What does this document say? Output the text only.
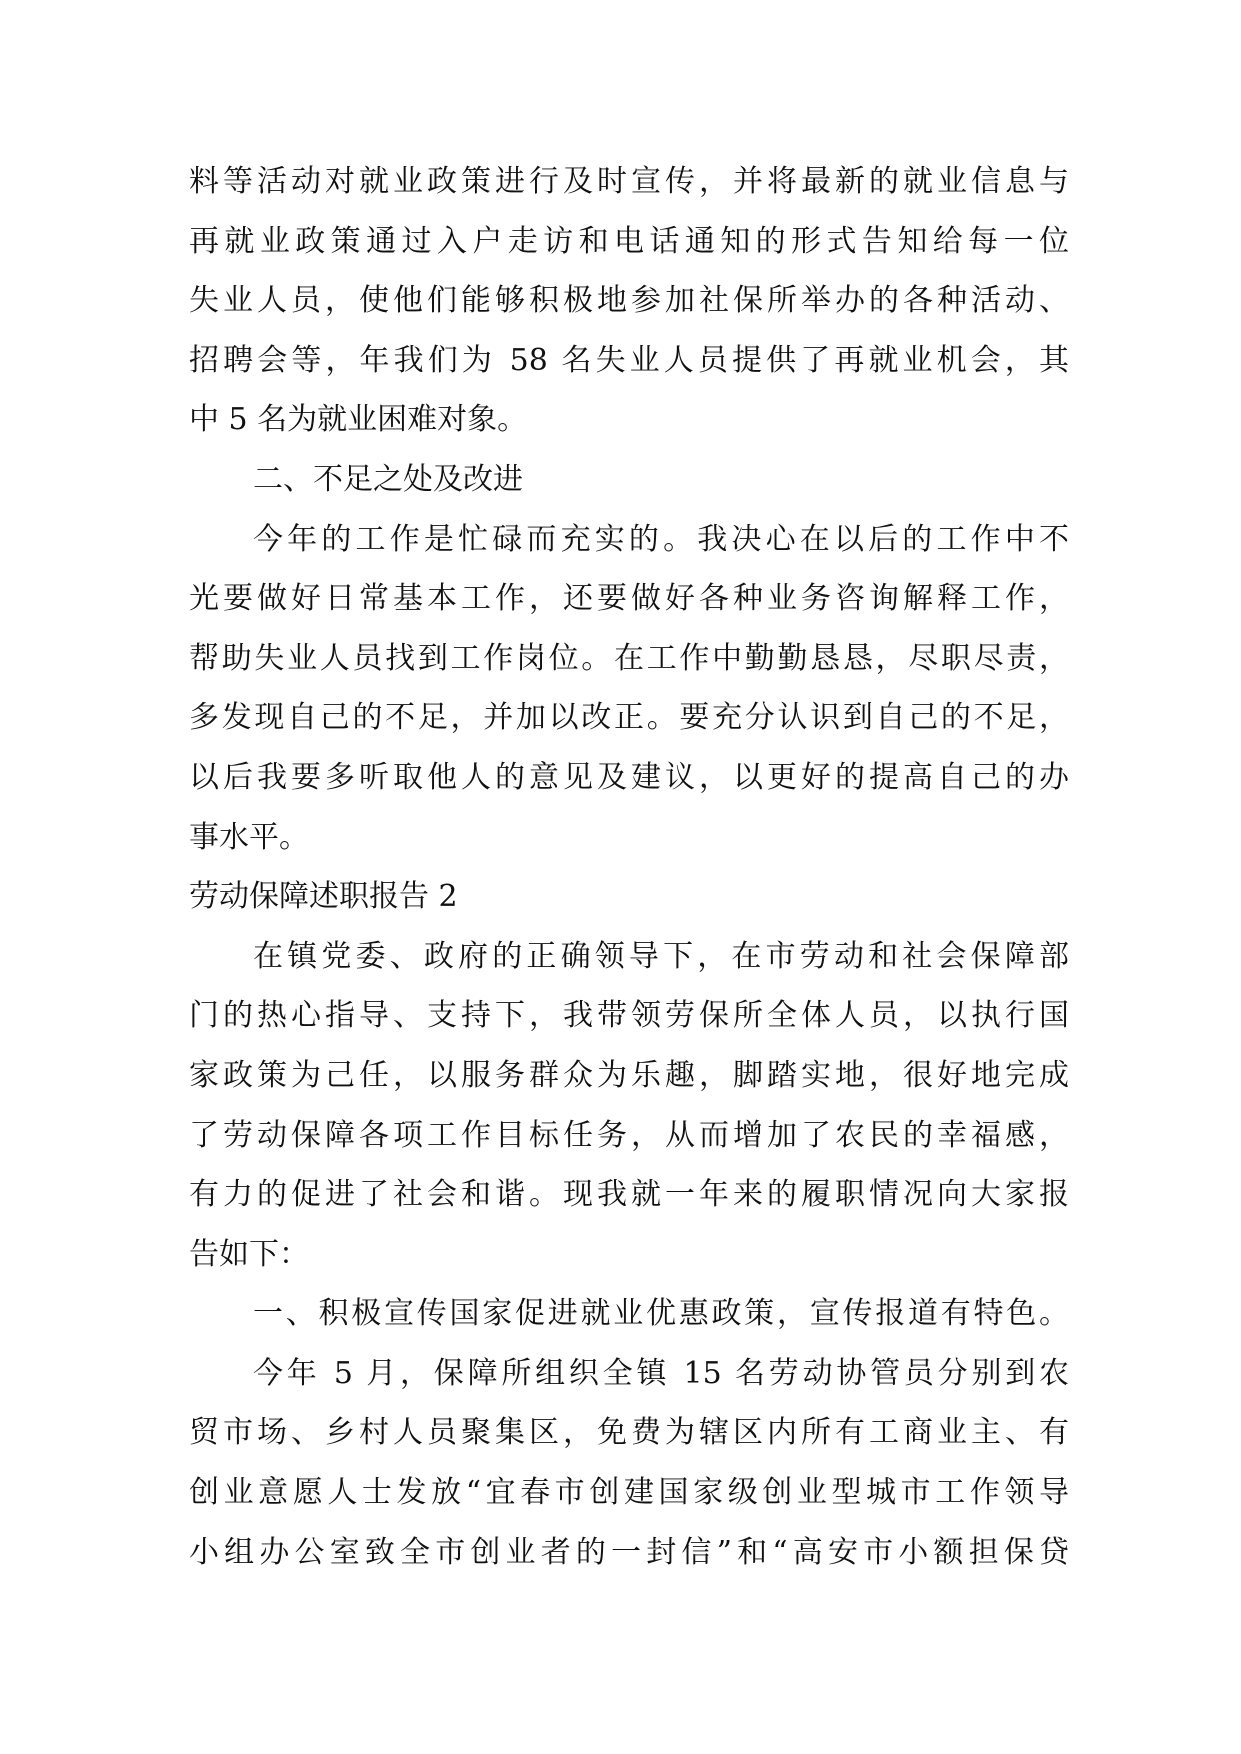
料等活动对就业政策进行及时宣传，并将最新的就业信息与

再就业政策通过入户走访和电话通知的形式告知给每一位

失业人员，使他们能够积极地参加社保所举办的各种活动、

招聘会等，年我们为 58 名失业人员提供了再就业机会，其

中 5 名为就业困难对象。

二、不足之处及改进

今年的工作是忙碌而充实的。我决心在以后的工作中不

光要做好日常基本工作，还要做好各种业务咨询解释工作，

帮助失业人员找到工作岗位。在工作中勤勤恳恳，尽职尽责，

多发现自己的不足，并加以改正。要充分认识到自己的不足，

以后我要多听取他人的意见及建议，以更好的提高自己的办

事水平。

劳动保障述职报告 2

在镇党委、政府的正确领导下，在市劳动和社会保障部

门的热心指导、支持下，我带领劳保所全体人员，以执行国

家政策为己任，以服务群众为乐趣，脚踏实地，很好地完成

了劳动保障各项工作目标任务，从而增加了农民的幸福感，

有力的促进了社会和谐。现我就一年来的履职情况向大家报

告如下：

一、积极宣传国家促进就业优惠政策，宣传报道有特色。

今年 5 月，保障所组织全镇 15 名劳动协管员分别到农

贸市场、乡村人员聚集区，免费为辖区内所有工商业主、有

创业意愿人士发放“宜春市创建国家级创业型城市工作领导

小组办公室致全市创业者的一封信”和“高安市小额担保贷
